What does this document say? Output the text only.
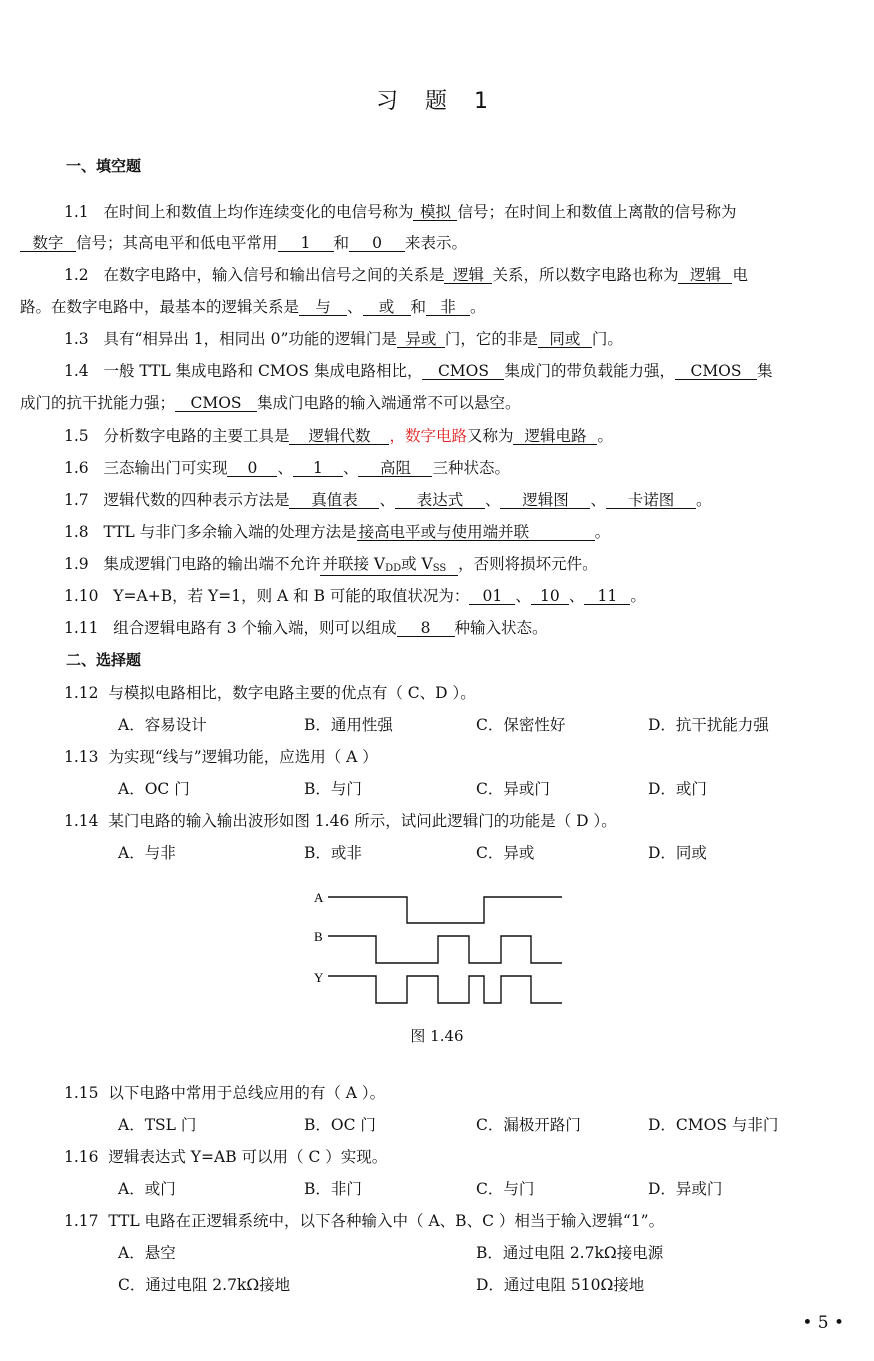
习 题 1
一、填空题
1.1 在时间上和数值上均作连续变化的电信号称为 模拟 信号；在时间上和数值上离散的信号称为
数字 信号；其高电平和低电平常用 1 和 0 来表示。
1.2 在数字电路中，输入信号和输出信号之间的关系是 逻辑 关系，所以数字电路也称为 逻辑 电
路。在数字电路中，最基本的逻辑关系是 与 、 或 和 非 。
1.3 具有“相异出 1，相同出 0”功能的逻辑门是 异或 门，它的非是 同或 门。
1.4 一般 TTL 集成电路和 CMOS 集成电路相比， CMOS 集成门的带负载能力强， CMOS 集
成门的抗干扰能力强； CMOS 集成门电路的输入端通常不可以悬空。
1.5 分析数字电路的主要工具是 逻辑代数 ，数字电路又称为 逻辑电路 。
1.6 三态输出门可实现 0 、 1 、 高阻 三种状态。
1.7 逻辑代数的四种表示方法是 真值表 、 表达式 、 逻辑图 、 卡诺图 。
1.8 TTL 与非门多余输入端的处理方法是 接高电平或与使用端并联	。
1.9 集成逻辑门电路的输出端不允许 并联接 $V_{DD}$或 $V_{SS}$ ，否则将损坏元件。
1.10 Y=A+B，若 Y=1，则 A 和 B 可能的取值状况为： 01 、 10 、 11 。
1.11 组合逻辑电路有 3 个输入端，则可以组成 8 种输入状态。
二、选择题
1.12 与模拟电路相比，数字电路主要的优点有（ C、D ）。
A．容易设计	B．通用性强	C．保密性好	D．抗干扰能力强
1.13 为实现“线与”逻辑功能，应选用（ A ）
A．OC 门	B．与门	C．异或门	D．或门
1.14 某门电路的输入输出波形如图 1.46 所示，试问此逻辑门的功能是（ D ）。
A．与非	B．或非	C．异或	D．同或
A
B
Y
图 1.46
1.15 以下电路中常用于总线应用的有（ A ）。
A．TSL 门	B．OC 门	C．漏极开路门	D．CMOS 与非门
1.16 逻辑表达式 Y=AB 可以用（ C ）实现。
A．或门	B．非门	C．与门	D．异或门
1.17 TTL 电路在正逻辑系统中，以下各种输入中（ A、B、C ）相当于输入逻辑“1”。
A．悬空	B．通过电阻 2.7kΩ接电源
C．通过电阻 2.7kΩ接地	D．通过电阻 510Ω接地
• 5 •
